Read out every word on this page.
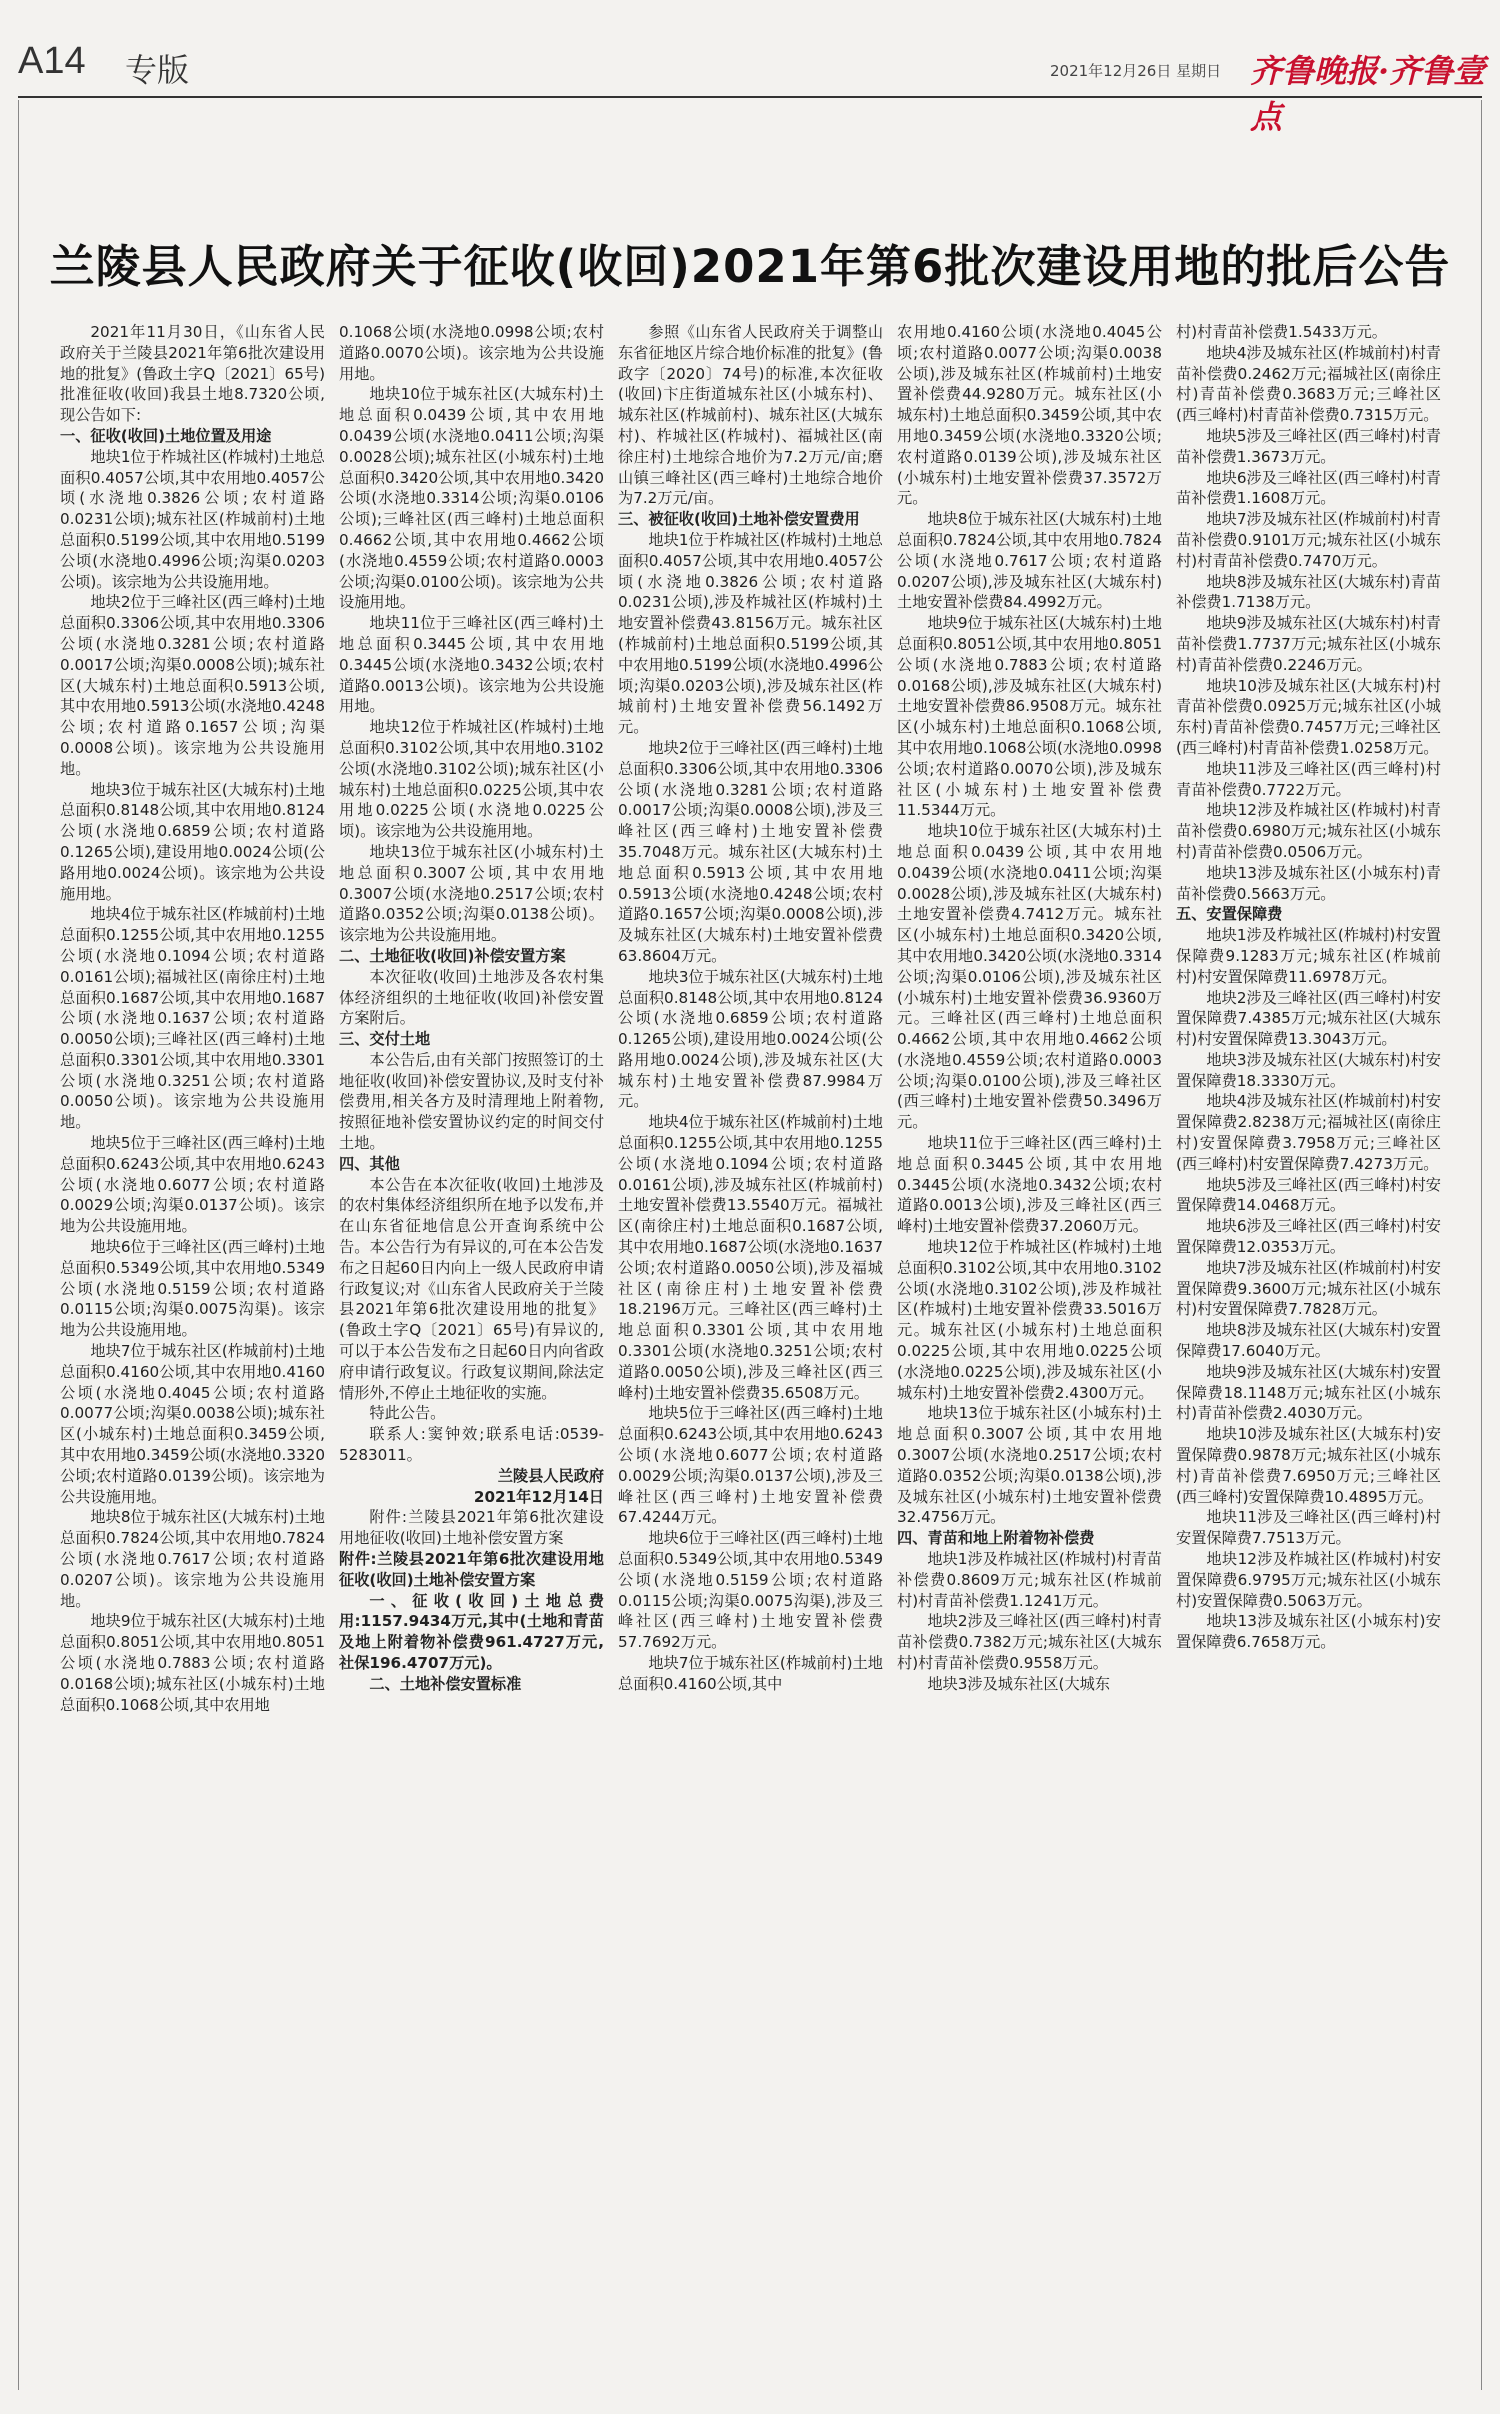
A14 专版	2021年12月26日 星期日 齐鲁晚报·齐鲁壹点
兰陵县人民政府关于征收(收回)2021年第6批次建设用地的批后公告

2021年11月30日，《山东省人民政府关于兰陵县2021年第6批次建设用地的批复》(鲁政土字Q〔2021〕65号)批准征收(收回)我县土地8.7320公顷,现公告如下:

一、征收(收回)土地位置及用途

地块1位于柞城社区(柞城村)土地总面积0.4057公顷,其中农用地0.4057公顷(水浇地0.3826公顷;农村道路0.0231公顷);城东社区(柞城前村)土地总面积0.5199公顷,其中农用地0.5199公顷(水浇地0.4996公顷;沟渠0.0203公顷)。该宗地为公共设施用地。

地块2位于三峰社区(西三峰村)土地总面积0.3306公顷,其中农用地0.3306公顷(水浇地0.3281公顷;农村道路0.0017公顷;沟渠0.0008公顷);城东社区(大城东村)土地总面积0.5913公顷,其中农用地0.5913公顷(水浇地0.4248公顷;农村道路0.1657公顷;沟渠0.0008公顷)。该宗地为公共设施用地。

地块3位于城东社区(大城东村)土地总面积0.8148公顷,其中农用地0.8124公顷(水浇地0.6859公顷;农村道路0.1265公顷),建设用地0.0024公顷(公路用地0.0024公顷)。该宗地为公共设施用地。

地块4位于城东社区(柞城前村)土地总面积0.1255公顷,其中农用地0.1255公顷(水浇地0.1094公顷;农村道路0.0161公顷);福城社区(南徐庄村)土地总面积0.1687公顷,其中农用地0.1687公顷(水浇地0.1637公顷;农村道路0.0050公顷);三峰社区(西三峰村)土地总面积0.3301公顷,其中农用地0.3301公顷(水浇地0.3251公顷;农村道路0.0050公顷)。该宗地为公共设施用地。

地块5位于三峰社区(西三峰村)土地总面积0.6243公顷,其中农用地0.6243公顷(水浇地0.6077公顷;农村道路0.0029公顷;沟渠0.0137公顷)。该宗地为公共设施用地。

地块6位于三峰社区(西三峰村)土地总面积0.5349公顷,其中农用地0.5349公顷(水浇地0.5159公顷;农村道路0.0115公顷;沟渠0.0075沟渠)。该宗地为公共设施用地。

地块7位于城东社区(柞城前村)土地总面积0.4160公顷,其中农用地0.4160公顷(水浇地0.4045公顷;农村道路0.0077公顷;沟渠0.0038公顷);城东社区(小城东村)土地总面积0.3459公顷,其中农用地0.3459公顷(水浇地0.3320公顷;农村道路0.0139公顷)。该宗地为公共设施用地。

地块8位于城东社区(大城东村)土地总面积0.7824公顷,其中农用地0.7824公顷(水浇地0.7617公顷;农村道路0.0207公顷)。该宗地为公共设施用地。

地块9位于城东社区(大城东村)土地总面积0.8051公顷,其中农用地0.8051公顷(水浇地0.7883公顷;农村道路0.0168公顷);城东社区(小城东村)土地总面积0.1068公顷,其中农用地

0.1068公顷(水浇地0.0998公顷;农村道路0.0070公顷)。该宗地为公共设施用地。

地块10位于城东社区(大城东村)土地总面积0.0439公顷,其中农用地0.0439公顷(水浇地0.0411公顷;沟渠0.0028公顷);城东社区(小城东村)土地总面积0.3420公顷,其中农用地0.3420公顷(水浇地0.3314公顷;沟渠0.0106公顷);三峰社区(西三峰村)土地总面积0.4662公顷,其中农用地0.4662公顷(水浇地0.4559公顷;农村道路0.0003公顷;沟渠0.0100公顷)。该宗地为公共设施用地。

地块11位于三峰社区(西三峰村)土地总面积0.3445公顷,其中农用地0.3445公顷(水浇地0.3432公顷;农村道路0.0013公顷)。该宗地为公共设施用地。

地块12位于柞城社区(柞城村)土地总面积0.3102公顷,其中农用地0.3102公顷(水浇地0.3102公顷);城东社区(小城东村)土地总面积0.0225公顷,其中农用地0.0225公顷(水浇地0.0225公顷)。该宗地为公共设施用地。

地块13位于城东社区(小城东村)土地总面积0.3007公顷,其中农用地0.3007公顷(水浇地0.2517公顷;农村道路0.0352公顷;沟渠0.0138公顷)。该宗地为公共设施用地。

二、土地征收(收回)补偿安置方案

本次征收(收回)土地涉及各农村集体经济组织的土地征收(收回)补偿安置方案附后。

三、交付土地

本公告后,由有关部门按照签订的土地征收(收回)补偿安置协议,及时支付补偿费用,相关各方及时清理地上附着物,按照征地补偿安置协议约定的时间交付土地。

四、其他

本公告在本次征收(收回)土地涉及的农村集体经济组织所在地予以发布,并在山东省征地信息公开查询系统中公告。本公告行为有异议的,可在本公告发布之日起60日内向上一级人民政府申请行政复议;对《山东省人民政府关于兰陵县2021年第6批次建设用地的批复》(鲁政土字Q〔2021〕65号)有异议的,可以于本公告发布之日起60日内向省政府申请行政复议。行政复议期间,除法定情形外,不停止土地征收的实施。

特此公告。

联系人:窦钟效;联系电话:0539-5283011。

兰陵县人民政府

2021年12月14日

附件:兰陵县2021年第6批次建设用地征收(收回)土地补偿安置方案

附件:兰陵县2021年第6批次建设用地征收(收回)土地补偿安置方案

一、征收(收回)土地总费用:1157.9434万元,其中(土地和青苗及地上附着物补偿费961.4727万元,社保196.4707万元)。

二、土地补偿安置标准

参照《山东省人民政府关于调整山东省征地区片综合地价标准的批复》(鲁政字〔2020〕74号)的标准,本次征收(收回)卞庄街道城东社区(小城东村)、城东社区(柞城前村)、城东社区(大城东村)、柞城社区(柞城村)、福城社区(南徐庄村)土地综合地价为7.2万元/亩;磨山镇三峰社区(西三峰村)土地综合地价为7.2万元/亩。

三、被征收(收回)土地补偿安置费用

地块1位于柞城社区(柞城村)土地总面积0.4057公顷,其中农用地0.4057公顷(水浇地0.3826公顷;农村道路0.0231公顷),涉及柞城社区(柞城村)土地安置补偿费43.8156万元。城东社区(柞城前村)土地总面积0.5199公顷,其中农用地0.5199公顷(水浇地0.4996公顷;沟渠0.0203公顷),涉及城东社区(柞城前村)土地安置补偿费56.1492万元。

地块2位于三峰社区(西三峰村)土地总面积0.3306公顷,其中农用地0.3306公顷(水浇地0.3281公顷;农村道路0.0017公顷;沟渠0.0008公顷),涉及三峰社区(西三峰村)土地安置补偿费35.7048万元。城东社区(大城东村)土地总面积0.5913公顷,其中农用地0.5913公顷(水浇地0.4248公顷;农村道路0.1657公顷;沟渠0.0008公顷),涉及城东社区(大城东村)土地安置补偿费63.8604万元。

地块3位于城东社区(大城东村)土地总面积0.8148公顷,其中农用地0.8124公顷(水浇地0.6859公顷;农村道路0.1265公顷),建设用地0.0024公顷(公路用地0.0024公顷),涉及城东社区(大城东村)土地安置补偿费87.9984万元。

地块4位于城东社区(柞城前村)土地总面积0.1255公顷,其中农用地0.1255公顷(水浇地0.1094公顷;农村道路0.0161公顷),涉及城东社区(柞城前村)土地安置补偿费13.5540万元。福城社区(南徐庄村)土地总面积0.1687公顷,其中农用地0.1687公顷(水浇地0.1637公顷;农村道路0.0050公顷),涉及福城社区(南徐庄村)土地安置补偿费18.2196万元。三峰社区(西三峰村)土地总面积0.3301公顷,其中农用地0.3301公顷(水浇地0.3251公顷;农村道路0.0050公顷),涉及三峰社区(西三峰村)土地安置补偿费35.6508万元。

地块5位于三峰社区(西三峰村)土地总面积0.6243公顷,其中农用地0.6243公顷(水浇地0.6077公顷;农村道路0.0029公顷;沟渠0.0137公顷),涉及三峰社区(西三峰村)土地安置补偿费67.4244万元。

地块6位于三峰社区(西三峰村)土地总面积0.5349公顷,其中农用地0.5349公顷(水浇地0.5159公顷;农村道路0.0115公顷;沟渠0.0075沟渠),涉及三峰社区(西三峰村)土地安置补偿费57.7692万元。

地块7位于城东社区(柞城前村)土地总面积0.4160公顷,其中

农用地0.4160公顷(水浇地0.4045公顷;农村道路0.0077公顷;沟渠0.0038公顷),涉及城东社区(柞城前村)土地安置补偿费44.9280万元。城东社区(小城东村)土地总面积0.3459公顷,其中农用地0.3459公顷(水浇地0.3320公顷;农村道路0.0139公顷),涉及城东社区(小城东村)土地安置补偿费37.3572万元。

地块8位于城东社区(大城东村)土地总面积0.7824公顷,其中农用地0.7824公顷(水浇地0.7617公顷;农村道路0.0207公顷),涉及城东社区(大城东村)土地安置补偿费84.4992万元。

地块9位于城东社区(大城东村)土地总面积0.8051公顷,其中农用地0.8051公顷(水浇地0.7883公顷;农村道路0.0168公顷),涉及城东社区(大城东村)土地安置补偿费86.9508万元。城东社区(小城东村)土地总面积0.1068公顷,其中农用地0.1068公顷(水浇地0.0998公顷;农村道路0.0070公顷),涉及城东社区(小城东村)土地安置补偿费11.5344万元。

地块10位于城东社区(大城东村)土地总面积0.0439公顷,其中农用地0.0439公顷(水浇地0.0411公顷;沟渠0.0028公顷),涉及城东社区(大城东村)土地安置补偿费4.7412万元。城东社区(小城东村)土地总面积0.3420公顷,其中农用地0.3420公顷(水浇地0.3314公顷;沟渠0.0106公顷),涉及城东社区(小城东村)土地安置补偿费36.9360万元。三峰社区(西三峰村)土地总面积0.4662公顷,其中农用地0.4662公顷(水浇地0.4559公顷;农村道路0.0003公顷;沟渠0.0100公顷),涉及三峰社区(西三峰村)土地安置补偿费50.3496万元。

地块11位于三峰社区(西三峰村)土地总面积0.3445公顷,其中农用地0.3445公顷(水浇地0.3432公顷;农村道路0.0013公顷),涉及三峰社区(西三峰村)土地安置补偿费37.2060万元。

地块12位于柞城社区(柞城村)土地总面积0.3102公顷,其中农用地0.3102公顷(水浇地0.3102公顷),涉及柞城社区(柞城村)土地安置补偿费33.5016万元。城东社区(小城东村)土地总面积0.0225公顷,其中农用地0.0225公顷(水浇地0.0225公顷),涉及城东社区(小城东村)土地安置补偿费2.4300万元。

地块13位于城东社区(小城东村)土地总面积0.3007公顷,其中农用地0.3007公顷(水浇地0.2517公顷;农村道路0.0352公顷;沟渠0.0138公顷),涉及城东社区(小城东村)土地安置补偿费32.4756万元。

四、青苗和地上附着物补偿费

地块1涉及柞城社区(柞城村)村青苗补偿费0.8609万元;城东社区(柞城前村)村青苗补偿费1.1241万元。

地块2涉及三峰社区(西三峰村)村青苗补偿费0.7382万元;城东社区(大城东村)村青苗补偿费0.9558万元。

地块3涉及城东社区(大城东

村)村青苗补偿费1.5433万元。

地块4涉及城东社区(柞城前村)村青苗补偿费0.2462万元;福城社区(南徐庄村)青苗补偿费0.3683万元;三峰社区(西三峰村)村青苗补偿费0.7315万元。

地块5涉及三峰社区(西三峰村)村青苗补偿费1.3673万元。

地块6涉及三峰社区(西三峰村)村青苗补偿费1.1608万元。

地块7涉及城东社区(柞城前村)村青苗补偿费0.9101万元;城东社区(小城东村)村青苗补偿费0.7470万元。

地块8涉及城东社区(大城东村)青苗补偿费1.7138万元。

地块9涉及城东社区(大城东村)村青苗补偿费1.7737万元;城东社区(小城东村)青苗补偿费0.2246万元。

地块10涉及城东社区(大城东村)村青苗补偿费0.0925万元;城东社区(小城东村)青苗补偿费0.7457万元;三峰社区(西三峰村)村青苗补偿费1.0258万元。

地块11涉及三峰社区(西三峰村)村青苗补偿费0.7722万元。

地块12涉及柞城社区(柞城村)村青苗补偿费0.6980万元;城东社区(小城东村)青苗补偿费0.0506万元。

地块13涉及城东社区(小城东村)青苗补偿费0.5663万元。

五、安置保障费

地块1涉及柞城社区(柞城村)村安置保障费9.1283万元;城东社区(柞城前村)村安置保障费11.6978万元。

地块2涉及三峰社区(西三峰村)村安置保障费7.4385万元;城东社区(大城东村)村安置保障费13.3043万元。

地块3涉及城东社区(大城东村)村安置保障费18.3330万元。

地块4涉及城东社区(柞城前村)村安置保障费2.8238万元;福城社区(南徐庄村)安置保障费3.7958万元;三峰社区(西三峰村)村安置保障费7.4273万元。

地块5涉及三峰社区(西三峰村)村安置保障费14.0468万元。

地块6涉及三峰社区(西三峰村)村安置保障费12.0353万元。

地块7涉及城东社区(柞城前村)村安置保障费9.3600万元;城东社区(小城东村)村安置保障费7.7828万元。

地块8涉及城东社区(大城东村)安置保障费17.6040万元。

地块9涉及城东社区(大城东村)安置保障费18.1148万元;城东社区(小城东村)青苗补偿费2.4030万元。

地块10涉及城东社区(大城东村)安置保障费0.9878万元;城东社区(小城东村)青苗补偿费7.6950万元;三峰社区(西三峰村)安置保障费10.4895万元。

地块11涉及三峰社区(西三峰村)村安置保障费7.7513万元。

地块12涉及柞城社区(柞城村)村安置保障费6.9795万元;城东社区(小城东村)安置保障费0.5063万元。

地块13涉及城东社区(小城东村)安置保障费6.7658万元。
